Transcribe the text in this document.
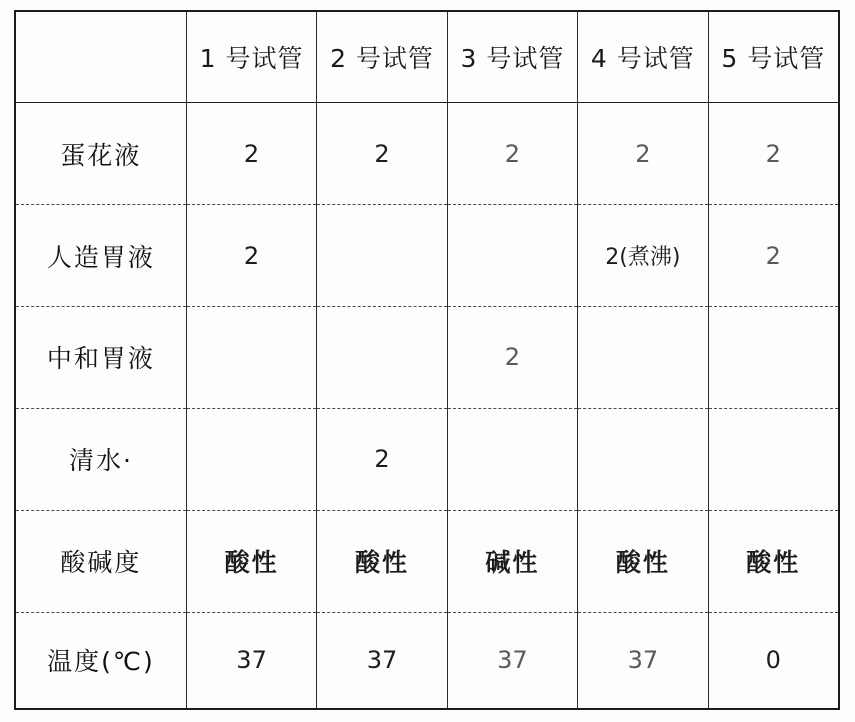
	1 号试管	2 号试管	3 号试管	4 号试管	5 号试管
蛋花液	2	2	2	2	2
人造胃液	2			2(煮沸)	2
中和胃液			2		
清水·		2			
酸碱度	酸性	酸性	碱性	酸性	酸性
温度(℃)	37	37	37	37	0
